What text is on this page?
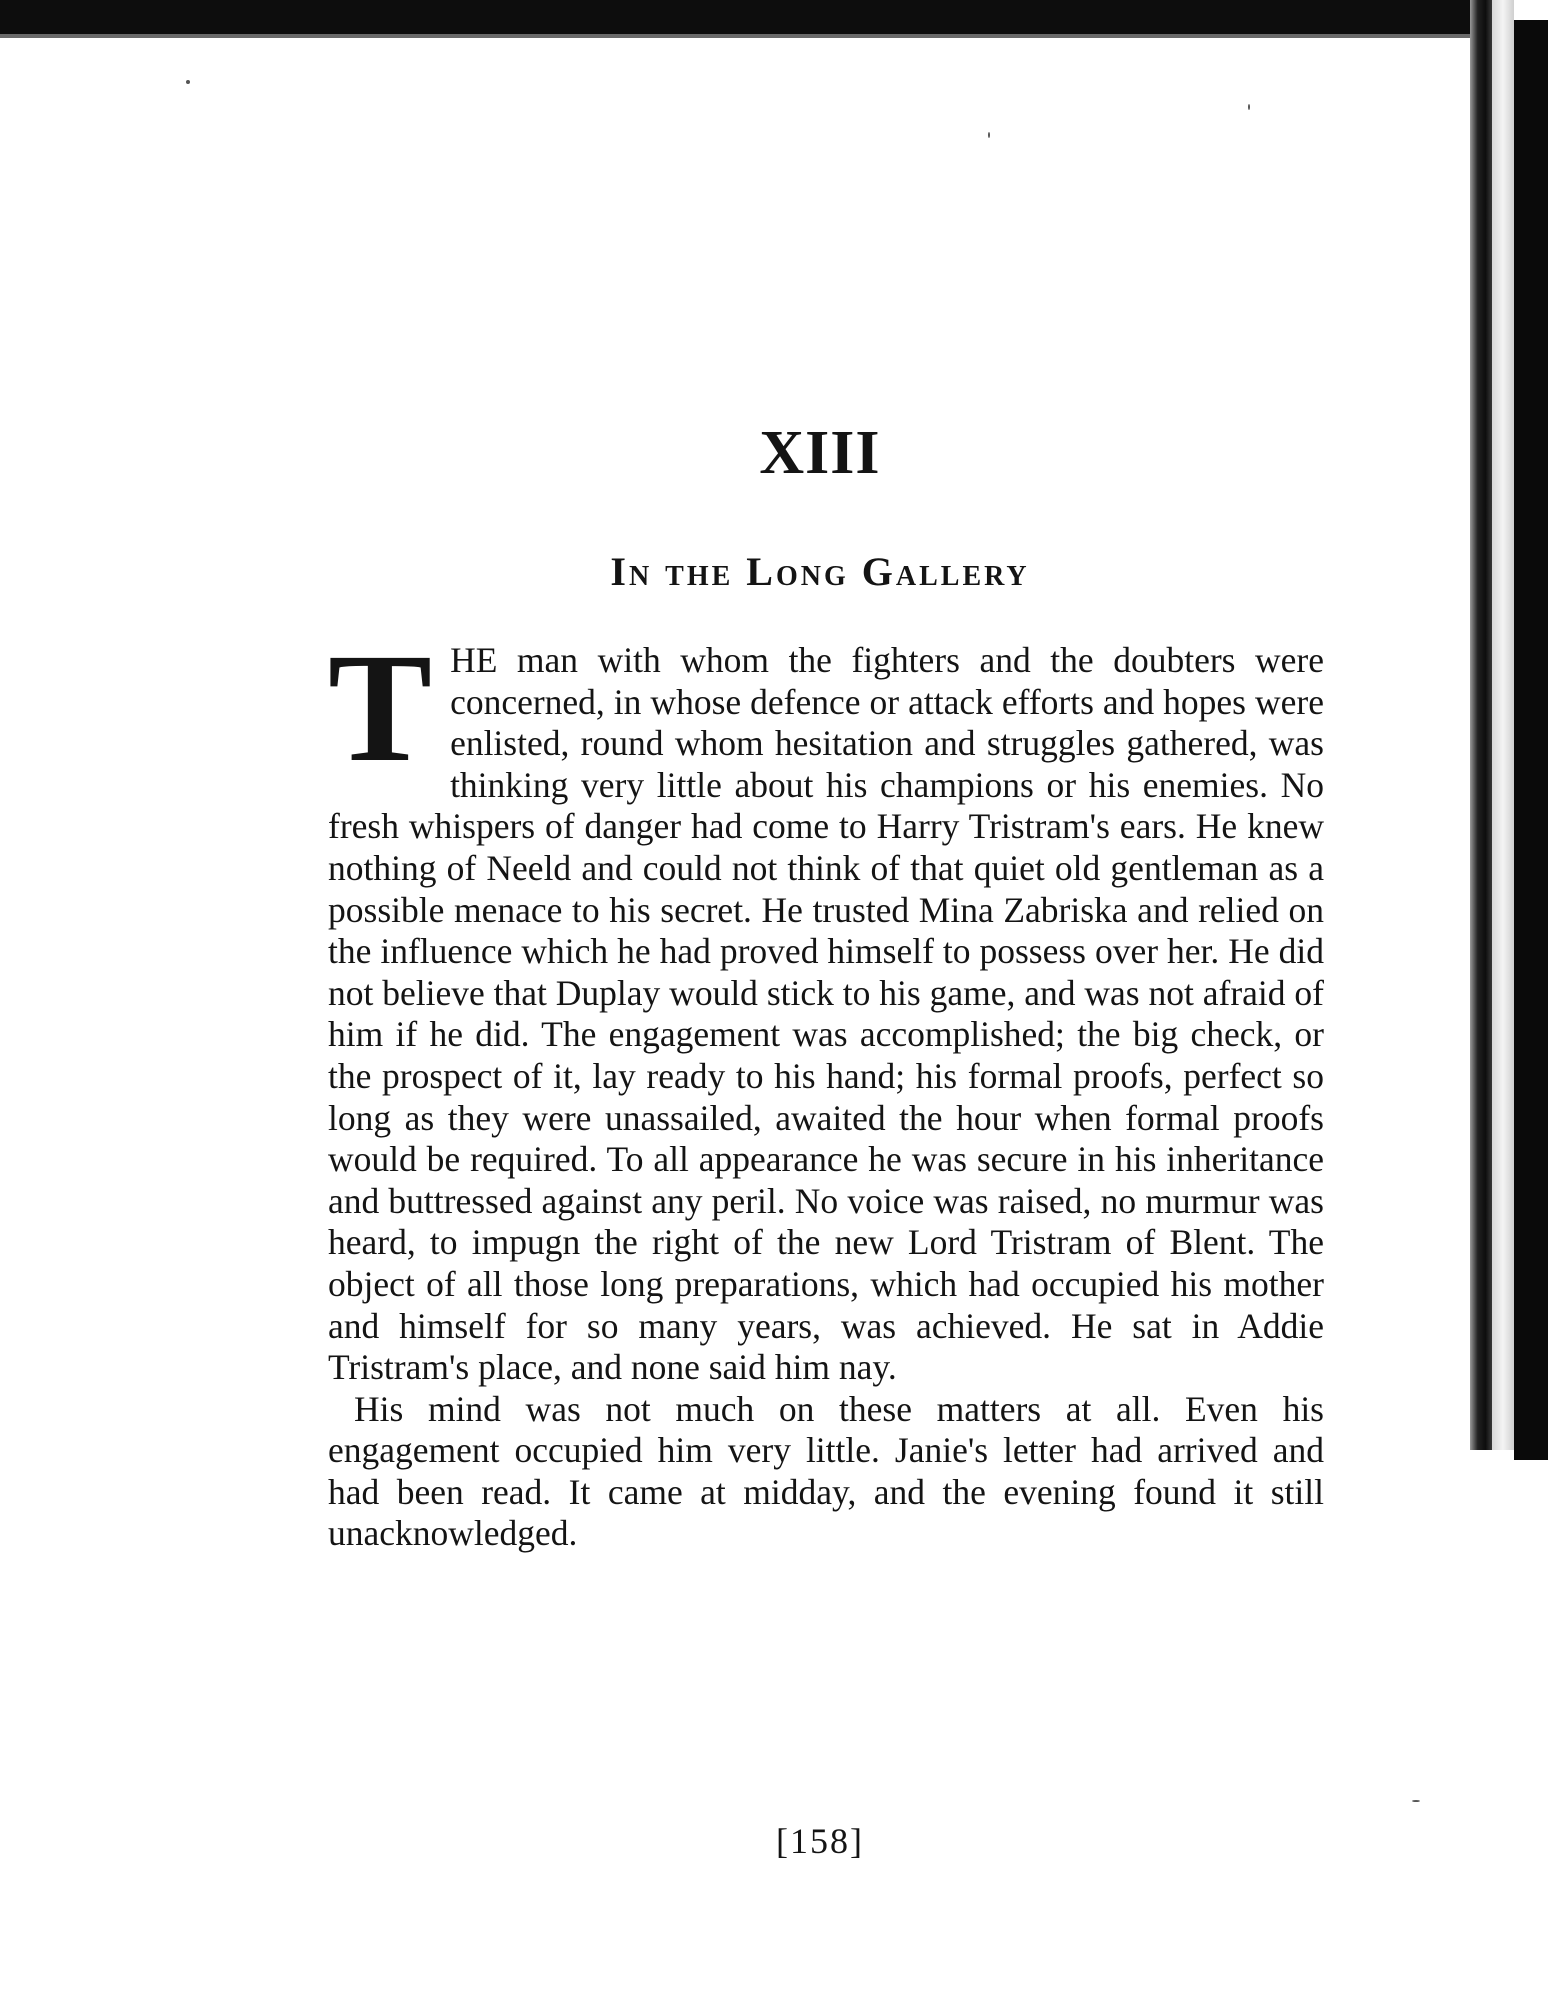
XIII
In the Long Gallery

THE man with whom the fighters and the doubters were concerned, in whose defence or attack efforts and hopes were enlisted, round whom hesitation and struggles gathered, was thinking very little about his champions or his enemies. No fresh whispers of danger had come to Harry Tristram's ears. He knew nothing of Neeld and could not think of that quiet old gentleman as a possible menace to his secret. He trusted Mina Zabriska and relied on the influence which he had proved himself to possess over her. He did not believe that Duplay would stick to his game, and was not afraid of him if he did. The engagement was accomplished; the big check, or the prospect of it, lay ready to his hand; his formal proofs, perfect so long as they were unassailed, awaited the hour when formal proofs would be required. To all appearance he was secure in his inheritance and buttressed against any peril. No voice was raised, no murmur was heard, to impugn the right of the new Lord Tristram of Blent. The object of all those long preparations, which had occupied his mother and himself for so many years, was achieved. He sat in Addie Tristram's place, and none said him nay.

His mind was not much on these matters at all. Even his engagement occupied him very little. Janie's letter had arrived and had been read. It came at midday, and the evening found it still unacknowledged.

[158]
